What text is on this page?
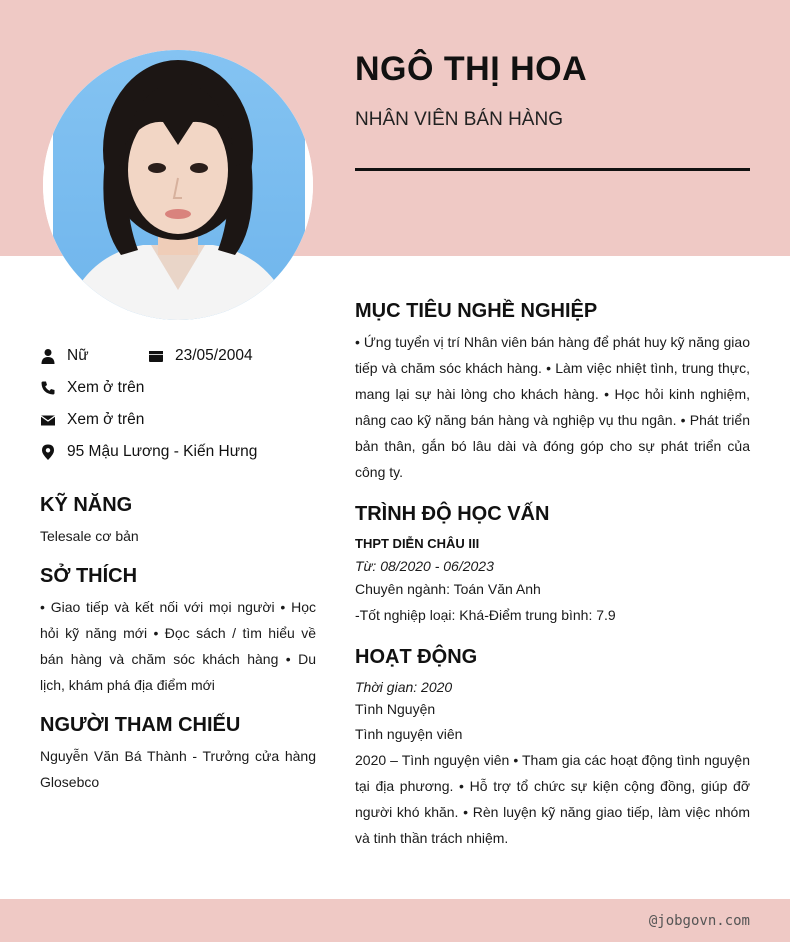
NGÔ THỊ HOA
NHÂN VIÊN BÁN HÀNG
Nữ	23/05/2004
Xem ở trên
Xem ở trên
95 Mậu Lương - Kiến Hưng
KỸ NĂNG
Telesale cơ bản
SỞ THÍCH
• Giao tiếp và kết nối với mọi người • Học hỏi kỹ năng mới • Đọc sách / tìm hiểu về bán hàng và chăm sóc khách hàng • Du lịch, khám phá địa điểm mới
NGƯỜI THAM CHIẾU
Nguyễn Văn Bá Thành - Trưởng cửa hàng Glosebco
MỤC TIÊU NGHỀ NGHIỆP
• Ứng tuyển vị trí Nhân viên bán hàng để phát huy kỹ năng giao tiếp và chăm sóc khách hàng. • Làm việc nhiệt tình, trung thực, mang lại sự hài lòng cho khách hàng. • Học hỏi kinh nghiệm, nâng cao kỹ năng bán hàng và nghiệp vụ thu ngân. • Phát triển bản thân, gắn bó lâu dài và đóng góp cho sự phát triển của công ty.
TRÌNH ĐỘ HỌC VẤN
THPT DIỄN CHÂU III
Từ: 08/2020 - 06/2023
Chuyên ngành: Toán Văn Anh
-Tốt nghiệp loại: Khá-Điểm trung bình: 7.9
HOẠT ĐỘNG
Thời gian: 2020
Tình Nguyện
Tình nguyện viên
2020 – Tình nguyện viên • Tham gia các hoạt động tình nguyện tại địa phương. • Hỗ trợ tổ chức sự kiện cộng đồng, giúp đỡ người khó khăn. • Rèn luyện kỹ năng giao tiếp, làm việc nhóm và tinh thần trách nhiệm.
@jobgovn.com
